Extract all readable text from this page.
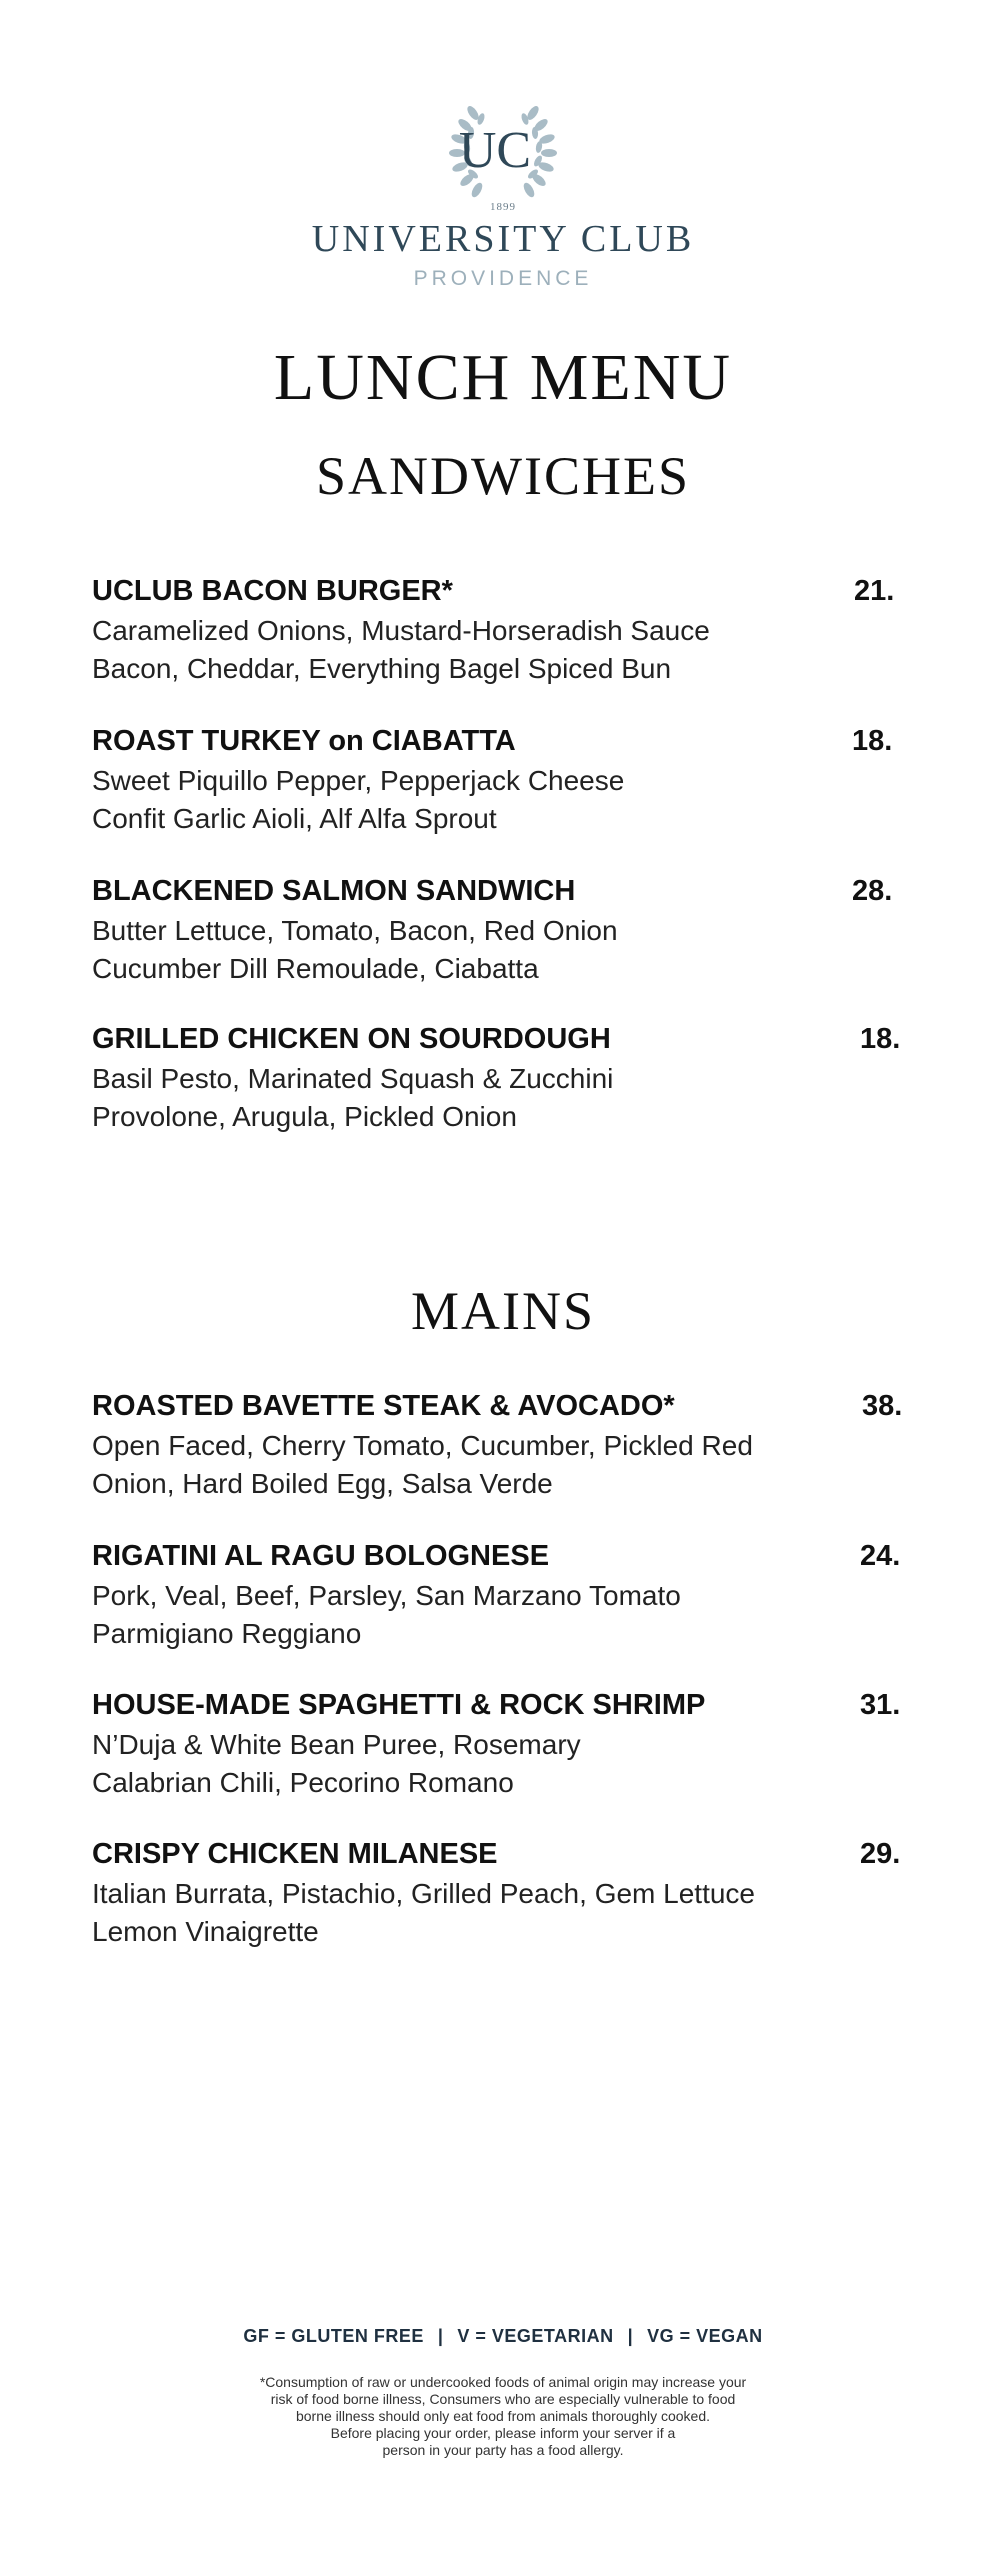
UC
1899
UNIVERSITY CLUB
PROVIDENCE
LUNCH MENU
SANDWICHES
UCLUB BACON BURGER*	21.
Caramelized Onions, Mustard-Horseradish Sauce
Bacon, Cheddar, Everything Bagel Spiced Bun
ROAST TURKEY on CIABATTA	18.
Sweet Piquillo Pepper, Pepperjack Cheese
Confit Garlic Aioli, Alf Alfa Sprout
BLACKENED SALMON SANDWICH	28.
Butter Lettuce, Tomato, Bacon, Red Onion
Cucumber Dill Remoulade, Ciabatta
GRILLED CHICKEN ON SOURDOUGH	18.
Basil Pesto, Marinated Squash & Zucchini
Provolone, Arugula, Pickled Onion
MAINS
ROASTED BAVETTE STEAK & AVOCADO*	38.
Open Faced, Cherry Tomato, Cucumber, Pickled Red
Onion, Hard Boiled Egg, Salsa Verde
RIGATINI AL RAGU BOLOGNESE	24.
Pork, Veal, Beef, Parsley, San Marzano Tomato
Parmigiano Reggiano
HOUSE-MADE SPAGHETTI & ROCK SHRIMP	31.
N’Duja & White Bean Puree, Rosemary
Calabrian Chili, Pecorino Romano
CRISPY CHICKEN MILANESE	29.
Italian Burrata, Pistachio, Grilled Peach, Gem Lettuce
Lemon Vinaigrette
GF = GLUTEN FREE | V = VEGETARIAN | VG = VEGAN
*Consumption of raw or undercooked foods of animal origin may increase your
risk of food borne illness, Consumers who are especially vulnerable to food
borne illness should only eat food from animals thoroughly cooked.
Before placing your order, please inform your server if a
person in your party has a food allergy.
